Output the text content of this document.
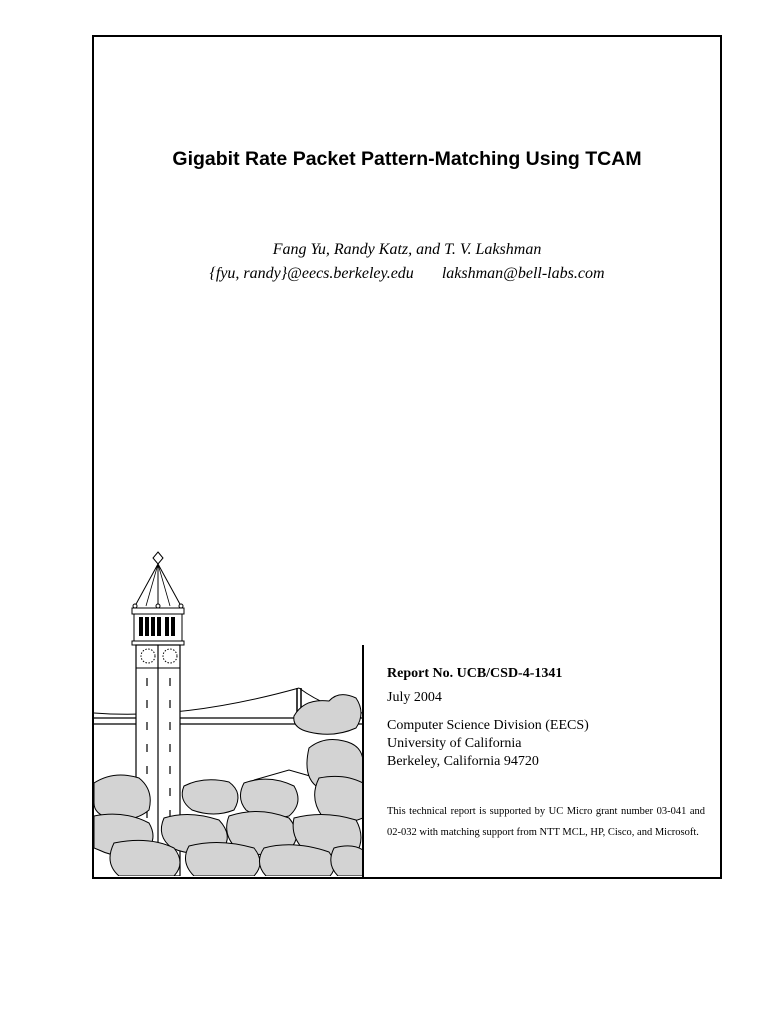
Gigabit Rate Packet Pattern-Matching Using TCAM
Fang Yu, Randy Katz, and T. V. Lakshman
{fyu, randy}@eecs.berkeley.edu lakshman@bell-labs.com
Report No. UCB/CSD-4-1341
July 2004
Computer Science Division (EECS)
University of California
Berkeley, California 94720
This technical report is supported by UC Micro grant number 03-041 and 02-032 with matching support from NTT MCL, HP, Cisco, and Microsoft.
